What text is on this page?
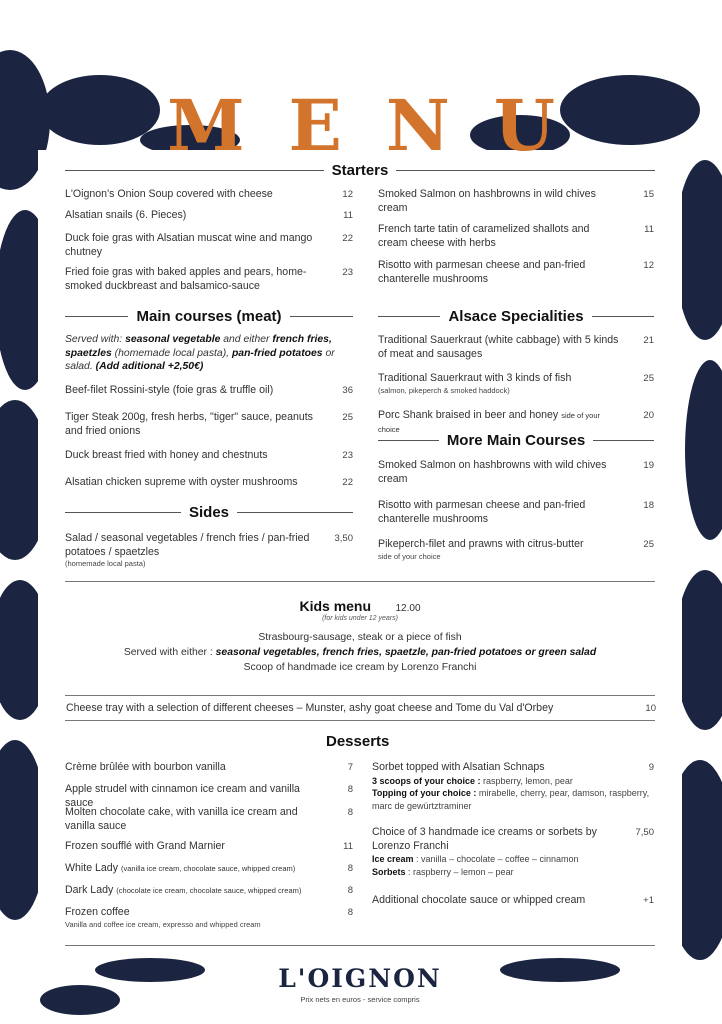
MENU
Starters
L'Oignon's Onion Soup covered with cheese	12
Alsatian snails (6. Pieces)	11
Duck foie gras with Alsatian muscat wine and mango chutney
22
Fried foie gras with baked apples and pears, home-smoked duckbreast and balsamico-sauce
23
Smoked Salmon on hashbrowns in wild chives cream
15
French tarte tatin of caramelized shallots and cream cheese with herbs
11
Risotto with parmesan cheese and pan-fried chanterelle mushrooms
12
Main courses (meat)
Served with: seasonal vegetable and either french fries, spaetzles (homemade local pasta), pan-fried potatoes or salad. (Add aditional +2,50€)
Beef-filet Rossini-style (foie gras & truffle oil)	36
Tiger Steak 200g, fresh herbs, "tiger" sauce, peanuts and fried onions
25
Duck breast fried with honey and chestnuts	23
Alsatian chicken supreme with oyster mushrooms	22
Sides
Salad / seasonal vegetables / french fries / pan-fried potatoes / spaetzles
(homemade local pasta)
3,50
Alsace Specialities
Traditional Sauerkraut (white cabbage) with 5 kinds of meat and sausages
21
Traditional Sauerkraut with 3 kinds of fish
(salmon, pikeperch & smoked haddock)
25
Porc Shank braised in beer and honey side of your choice
20
More Main Courses
Smoked Salmon on hashbrowns with wild chives cream
19
Risotto with parmesan cheese and pan-fried chanterelle mushrooms
18
Pikeperch-filet and prawns with citrus-butter
side of your choice
25
Desserts
Crème brûlée with bourbon vanilla	7
Apple strudel with cinnamon ice cream and vanilla sauce
8
Molten chocolate cake, with vanilla ice cream and vanilla sauce
8
Frozen soufflé with Grand Marnier	11
White Lady (vanilla ice cream, chocolate sauce, whipped cream)	8
Dark Lady (chocolate ice cream, chocolate sauce, whipped cream)	8
Frozen coffee
Vanilla and coffee ice cream, expresso and whipped cream
8
Sorbet topped with Alsatian Schnaps
3 scoops of your choice : raspberry, lemon, pear
Topping of your choice : mirabelle, cherry, pear, damson, raspberry, marc de gewürtztraminer
9
Choice of 3 handmade ice creams or sorbets by Lorenzo Franchi
Ice cream : vanilla – chocolate – coffee – cinnamon
Sorbets : raspberry – lemon – pear
7,50
Additional chocolate sauce or whipped cream	+1
Kids menu 12.00
(for kids under 12 years)
Strasbourg-sausage, steak or a piece of fish
Served with either : seasonal vegetables, french fries, spaetzle, pan-fried potatoes or green salad
Scoop of handmade ice cream by Lorenzo Franchi
Cheese tray with a selection of different cheeses – Munster, ashy goat cheese and Tome du Val d'Orbey	10
L'OIGNON
Prix nets en euros - service compris
